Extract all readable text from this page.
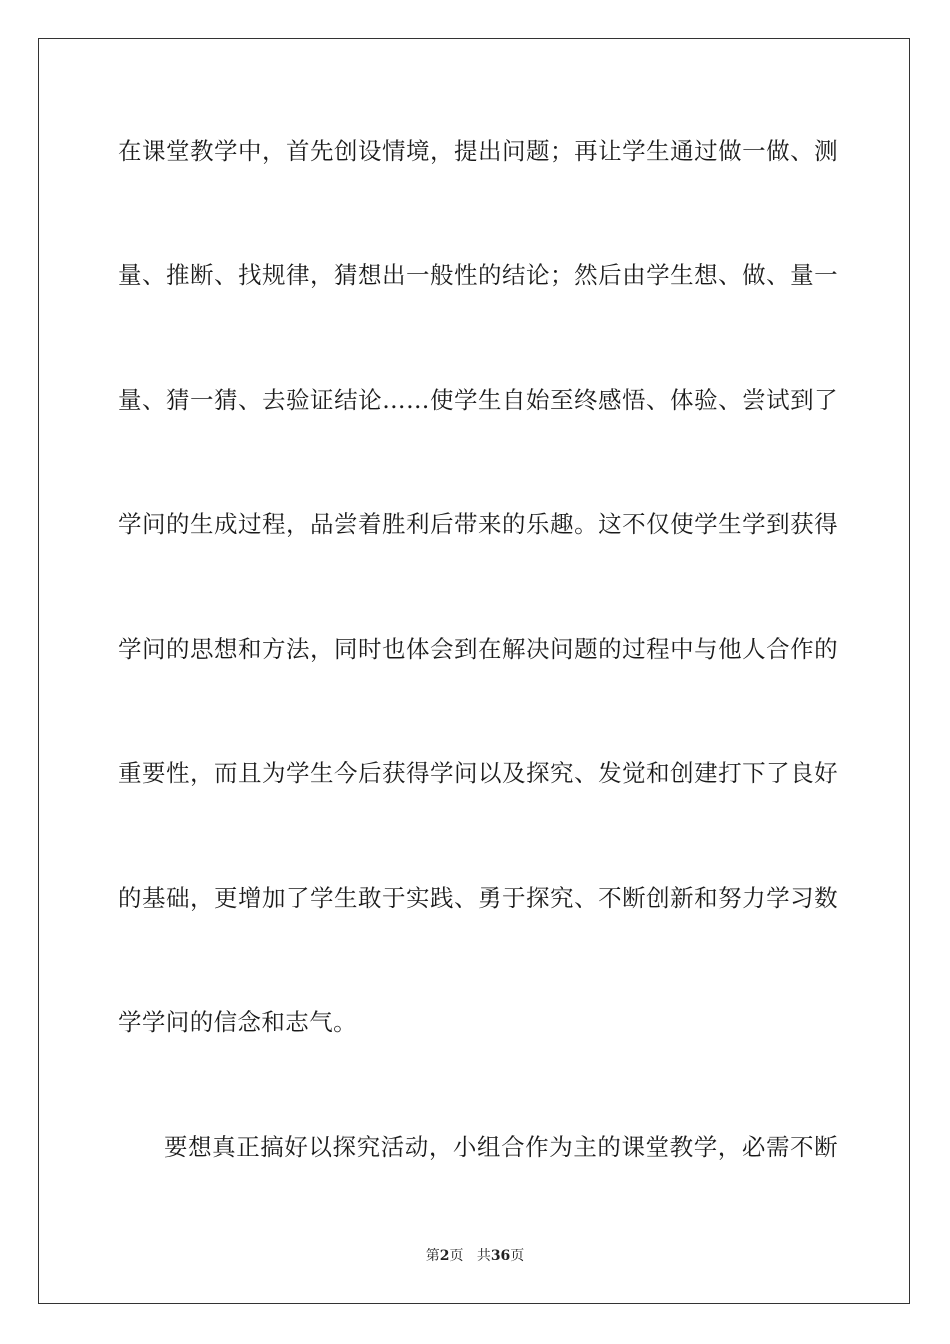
在课堂教学中，首先创设情境，提出问题；再让学生通过做一做、测
量、推断、找规律，猜想出一般性的结论；然后由学生想、做、量一
量、猜一猜、去验证结论……使学生自始至终感悟、体验、尝试到了
学问的生成过程，品尝着胜利后带来的乐趣。这不仅使学生学到获得
学问的思想和方法，同时也体会到在解决问题的过程中与他人合作的
重要性，而且为学生今后获得学问以及探究、发觉和创建打下了良好
的基础，更增加了学生敢于实践、勇于探究、不断创新和努力学习数
学学问的信念和志气。
要想真正搞好以探究活动，小组合作为主的课堂教学，必需不断
第2页 共36页
